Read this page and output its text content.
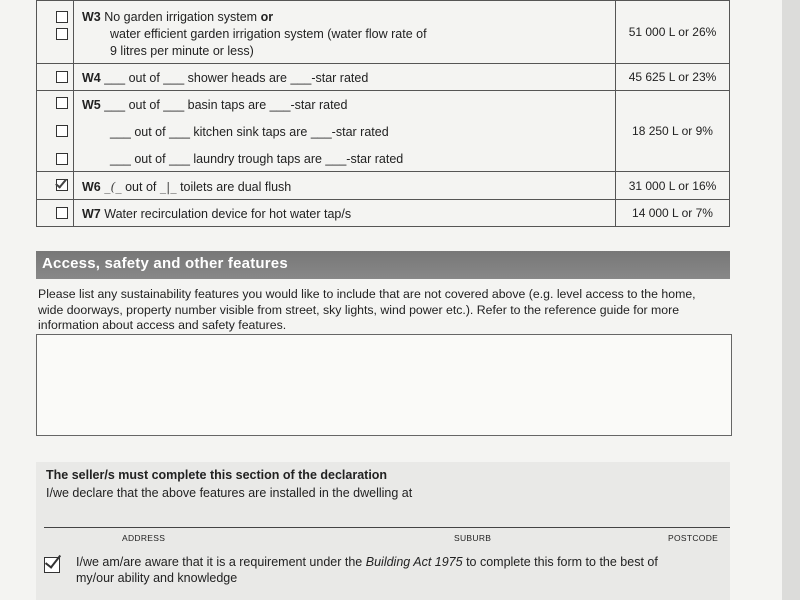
	W3 No garden irrigation system or
water efficient garden irrigation system (water flow rate of
9 litres per minute or less)	51 000 L or 26%

	W4 ___ out of ___ shower heads are ___-star rated	45 625 L or 23%

	W5 ___ out of ___ basin taps are ___-star rated
___ out of ___ kitchen sink taps are ___-star rated
___ out of ___ laundry trough taps are ___-star rated	18 250 L or 9%

	W6 _(_ out of _|_ toilets are dual flush	31 000 L or 16%

	W7 Water recirculation device for hot water tap/s	14 000 L or 7%
Access, safety and other features
Please list any sustainability features you would like to include that are not covered above (e.g. level access to the home,
wide doorways, property number visible from street, sky lights, wind power etc.). Refer to the reference guide for more
information about access and safety features.
The seller/s must complete this section of the declaration
I/we declare that the above features are installed in the dwelling at
ADDRESS	SUBURB	POSTCODE
I/we am/are aware that it is a requirement under the Building Act 1975 to complete this form to the best of
my/our ability and knowledge
